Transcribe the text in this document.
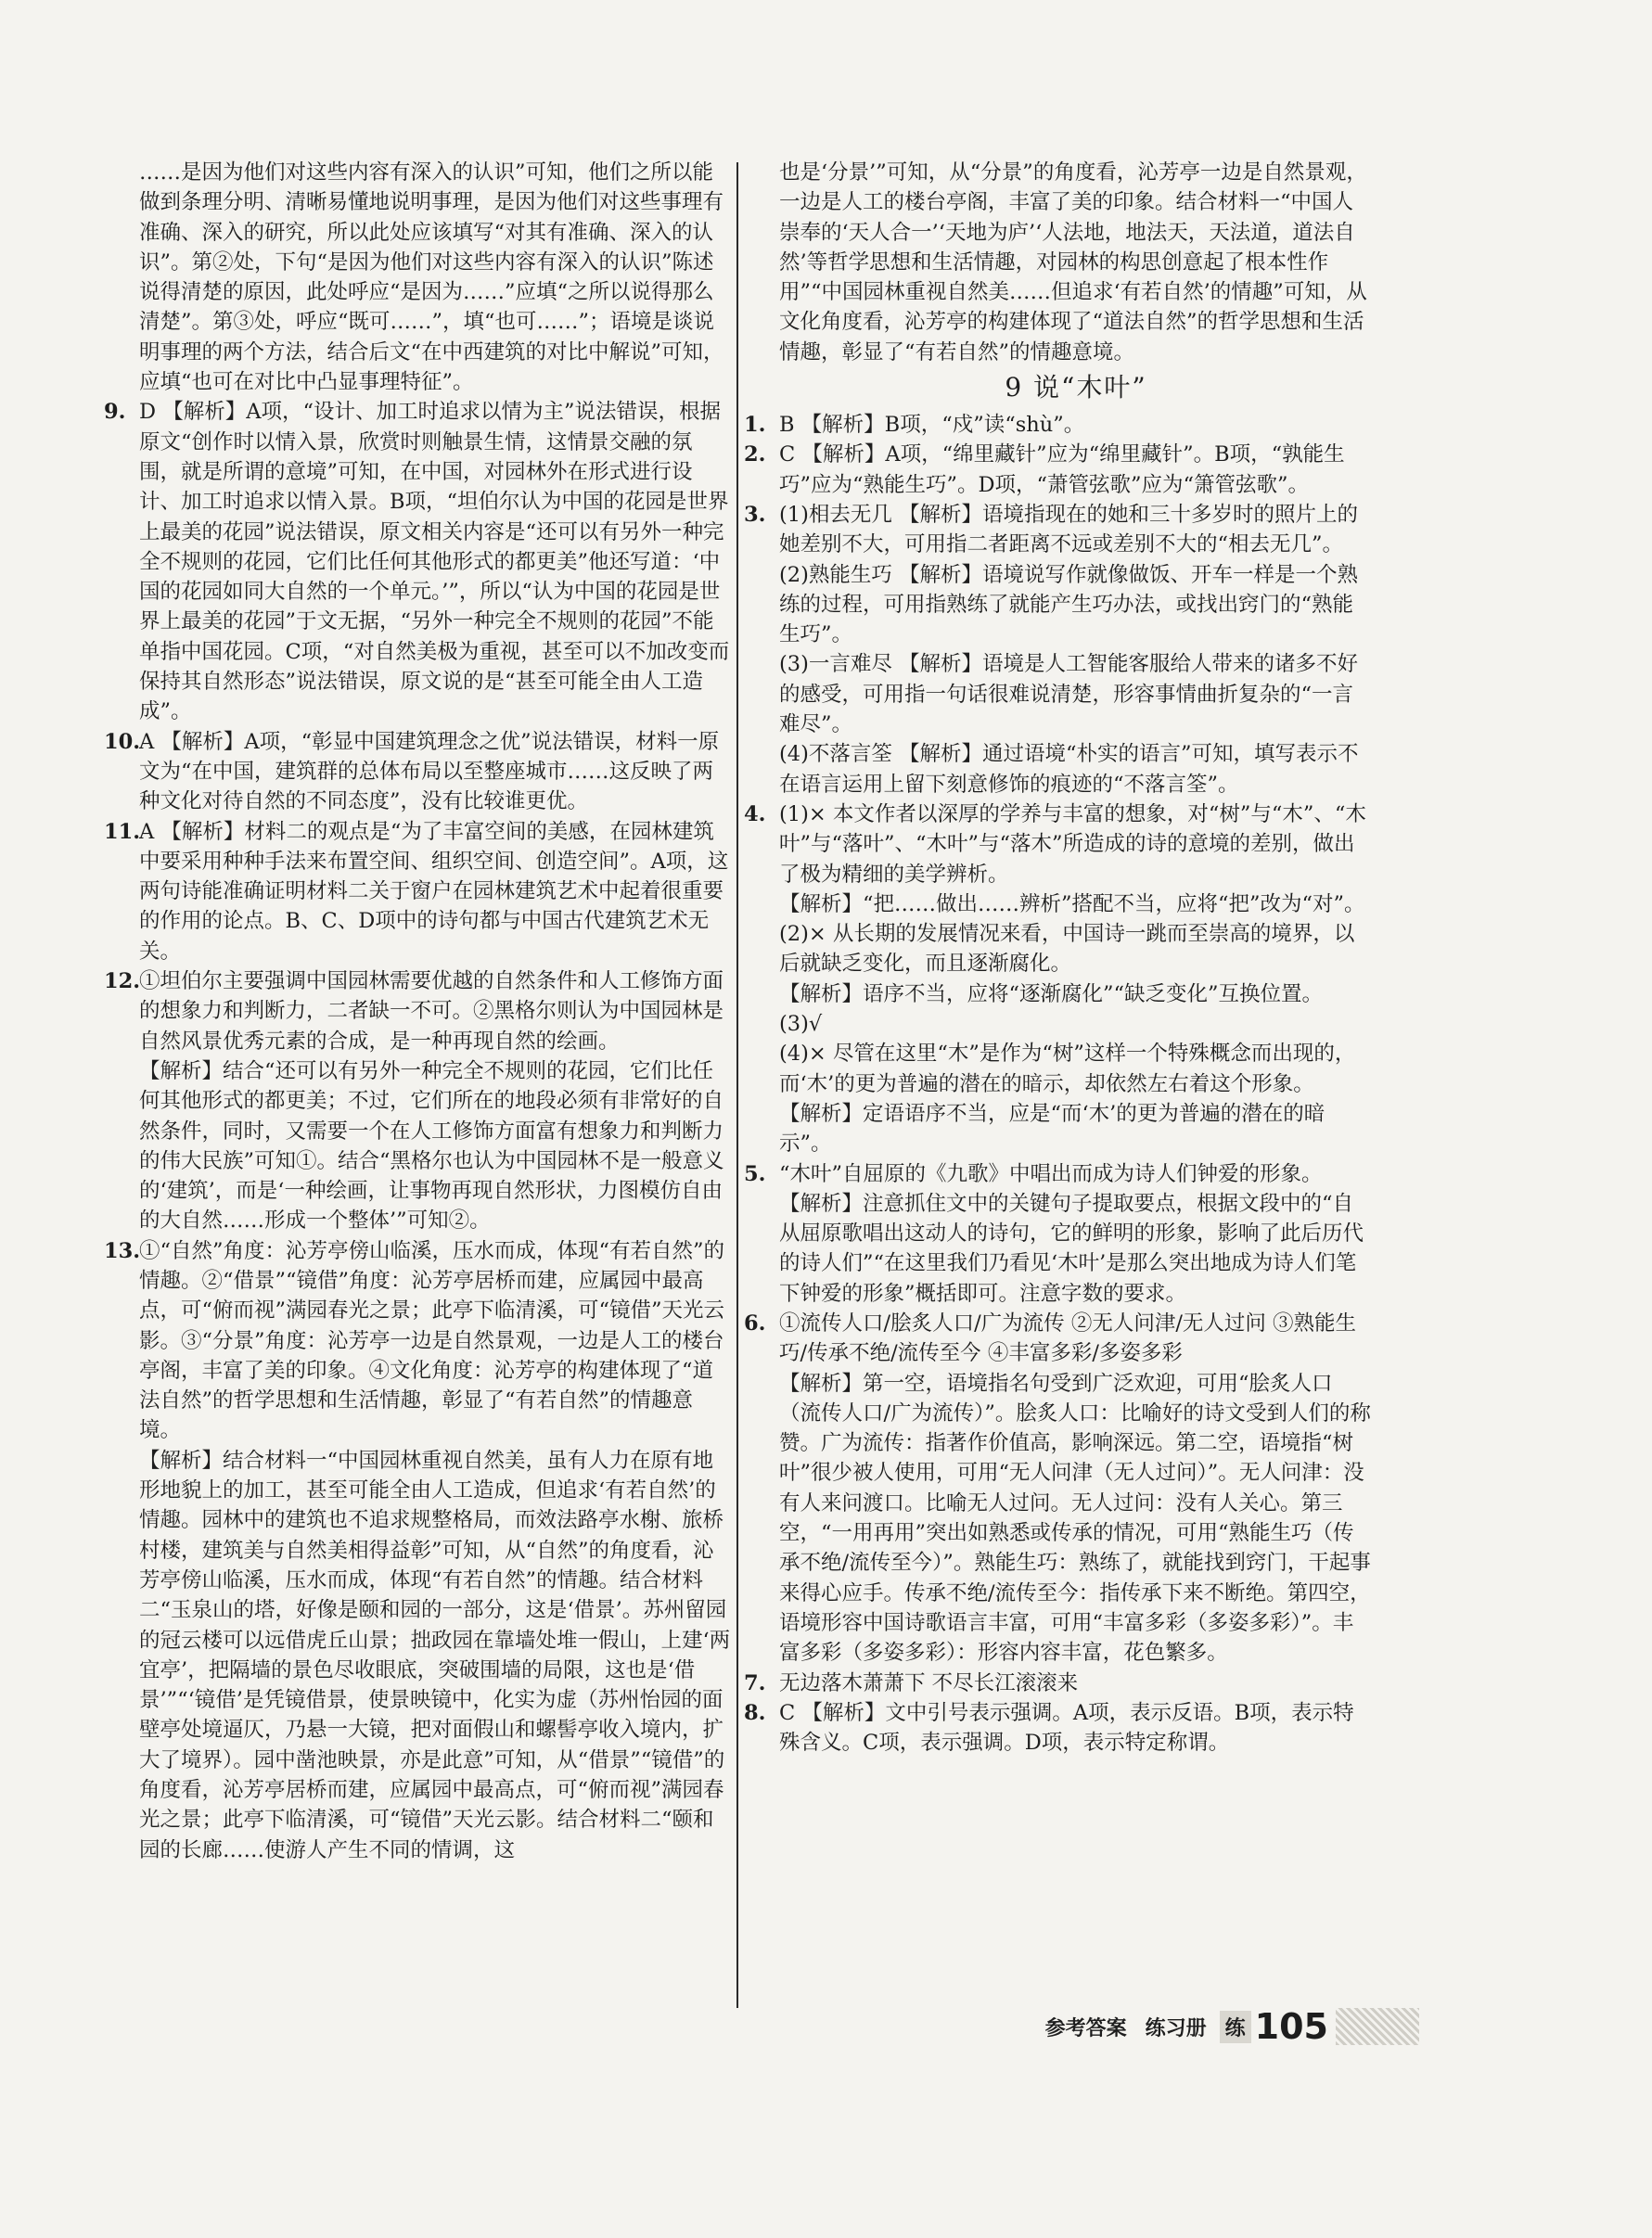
……是因为他们对这些内容有深入的认识”可知，他们之所以能做到条理分明、清晰易懂地说明事理，是因为他们对这些事理有准确、深入的研究，所以此处应该填写“对其有准确、深入的认识”。第②处，下句“是因为他们对这些内容有深入的认识”陈述说得清楚的原因，此处呼应“是因为……”应填“之所以说得那么清楚”。第③处，呼应“既可……”，填“也可……”；语境是谈说明事理的两个方法，结合后文“在中西建筑的对比中解说”可知，应填“也可在对比中凸显事理特征”。

9. D 【解析】A项，“设计、加工时追求以情为主”说法错误，根据原文“创作时以情入景，欣赏时则触景生情，这情景交融的氛围，就是所谓的意境”可知，在中国，对园林外在形式进行设计、加工时追求以情入景。B项，“坦伯尔认为中国的花园是世界上最美的花园”说法错误，原文相关内容是“还可以有另外一种完全不规则的花园，它们比任何其他形式的都更美”他还写道：‘中国的花园如同大自然的一个单元。’”，所以“认为中国的花园是世界上最美的花园”于文无据，“另外一种完全不规则的花园”不能单指中国花园。C项，“对自然美极为重视，甚至可以不加改变而保持其自然形态”说法错误，原文说的是“甚至可能全由人工造成”。

10.

A 【解析】A项，“彰显中国建筑理念之优”说法错误，材料一原文为“在中国，建筑群的总体布局以至整座城市……这反映了两种文化对待自然的不同态度”，没有比较谁更优。

11.

A 【解析】材料二的观点是“为了丰富空间的美感，在园林建筑中要采用种种手法来布置空间、组织空间、创造空间”。A项，这两句诗能准确证明材料二关于窗户在园林建筑艺术中起着很重要的作用的论点。B、C、D项中的诗句都与中国古代建筑艺术无关。

12.

①坦伯尔主要强调中国园林需要优越的自然条件和人工修饰方面的想象力和判断力，二者缺一不可。②黑格尔则认为中国园林是自然风景优秀元素的合成，是一种再现自然的绘画。

【解析】结合“还可以有另外一种完全不规则的花园，它们比任何其他形式的都更美；不过，它们所在的地段必须有非常好的自然条件，同时，又需要一个在人工修饰方面富有想象力和判断力的伟大民族”可知①。结合“黑格尔也认为中国园林不是一般意义的‘建筑’，而是‘一种绘画，让事物再现自然形状，力图模仿自由的大自然……形成一个整体’”可知②。

13.

①“自然”角度：沁芳亭傍山临溪，压水而成，体现“有若自然”的情趣。②“借景”“镜借”角度：沁芳亭居桥而建，应属园中最高点，可“俯而视”满园春光之景；此亭下临清溪，可“镜借”天光云影。③“分景”角度：沁芳亭一边是自然景观，一边是人工的楼台亭阁，丰富了美的印象。④文化角度：沁芳亭的构建体现了“道法自然”的哲学思想和生活情趣，彰显了“有若自然”的情趣意境。

【解析】结合材料一“中国园林重视自然美，虽有人力在原有地形地貌上的加工，甚至可能全由人工造成，但追求‘有若自然’的情趣。园林中的建筑也不追求规整格局，而效法路亭水榭、旅桥村楼，建筑美与自然美相得益彰”可知，从“自然”的角度看，沁芳亭傍山临溪，压水而成，体现“有若自然”的情趣。结合材料二“玉泉山的塔，好像是颐和园的一部分，这是‘借景’。苏州留园的冠云楼可以远借虎丘山景；拙政园在靠墙处堆一假山，上建‘两宜亭’，把隔墙的景色尽收眼底，突破围墙的局限，这也是‘借景’”“‘镜借’是凭镜借景，使景映镜中，化实为虚（苏州怡园的面壁亭处境逼仄，乃悬一大镜，把对面假山和螺髻亭收入境内，扩大了境界）。园中凿池映景，亦是此意”可知，从“借景”“镜借”的角度看，沁芳亭居桥而建，应属园中最高点，可“俯而视”满园春光之景；此亭下临清溪，可“镜借”天光云影。结合材料二“颐和园的长廊……使游人产生不同的情调，这

也是‘分景’”可知，从“分景”的角度看，沁芳亭一边是自然景观，一边是人工的楼台亭阁，丰富了美的印象。结合材料一“中国人崇奉的‘天人合一’‘天地为庐’‘人法地，地法天，天法道，道法自然’等哲学思想和生活情趣，对园林的构思创意起了根本性作用”“中国园林重视自然美……但追求‘有若自然’的情趣”可知，从文化角度看，沁芳亭的构建体现了“道法自然”的哲学思想和生活情趣，彰显了“有若自然”的情趣意境。

9 说“木叶”
1. B 【解析】B项，“戍”读“shù”。

2. C 【解析】A项，“绵里藏针”应为“绵里藏针”。B项，“孰能生巧”应为“熟能生巧”。D项，“萧管弦歌”应为“箫管弦歌”。

3. (1)相去无几 【解析】语境指现在的她和三十多岁时的照片上的她差别不大，可用指二者距离不远或差别不大的“相去无几”。

(2)熟能生巧 【解析】语境说写作就像做饭、开车一样是一个熟练的过程，可用指熟练了就能产生巧办法，或找出窍门的“熟能生巧”。

(3)一言难尽 【解析】语境是人工智能客服给人带来的诸多不好的感受，可用指一句话很难说清楚，形容事情曲折复杂的“一言难尽”。

(4)不落言筌 【解析】通过语境“朴实的语言”可知，填写表示不在语言运用上留下刻意修饰的痕迹的“不落言筌”。

4. (1)× 本文作者以深厚的学养与丰富的想象，对“树”与“木”、“木叶”与“落叶”、“木叶”与“落木”所造成的诗的意境的差别，做出了极为精细的美学辨析。

【解析】“把……做出……辨析”搭配不当，应将“把”改为“对”。

(2)× 从长期的发展情况来看，中国诗一跳而至崇高的境界，以后就缺乏变化，而且逐渐腐化。

【解析】语序不当，应将“逐渐腐化”“缺乏变化”互换位置。

(3)√

(4)× 尽管在这里“木”是作为“树”这样一个特殊概念而出现的，而‘木’的更为普遍的潜在的暗示，却依然左右着这个形象。

【解析】定语语序不当，应是“而‘木’的更为普遍的潜在的暗示”。

5. “木叶”自屈原的《九歌》中唱出而成为诗人们钟爱的形象。

【解析】注意抓住文中的关键句子提取要点，根据文段中的“自从屈原歌唱出这动人的诗句，它的鲜明的形象，影响了此后历代的诗人们”“在这里我们乃看见‘木叶’是那么突出地成为诗人们笔下钟爱的形象”概括即可。注意字数的要求。

6. ①流传人口/脍炙人口/广为流传 ②无人问津/无人过问 ③熟能生巧/传承不绝/流传至今 ④丰富多彩/多姿多彩

【解析】第一空，语境指名句受到广泛欢迎，可用“脍炙人口（流传人口/广为流传）”。脍炙人口：比喻好的诗文受到人们的称赞。广为流传：指著作价值高，影响深远。第二空，语境指“树叶”很少被人使用，可用“无人问津（无人过问）”。无人问津：没有人来问渡口。比喻无人过问。无人过问：没有人关心。第三空，“一用再用”突出如熟悉或传承的情况，可用“熟能生巧（传承不绝/流传至今）”。熟能生巧：熟练了，就能找到窍门，干起事来得心应手。传承不绝/流传至今：指传承下来不断绝。第四空，语境形容中国诗歌语言丰富，可用“丰富多彩（多姿多彩）”。丰富多彩（多姿多彩）：形容内容丰富，花色繁多。

7. 无边落木萧萧下 不尽长江滚滚来

8. C 【解析】文中引号表示强调。A项，表示反语。B项，表示特殊含义。C项，表示强调。D项，表示特定称谓。

参考答案 练习册 练 105
